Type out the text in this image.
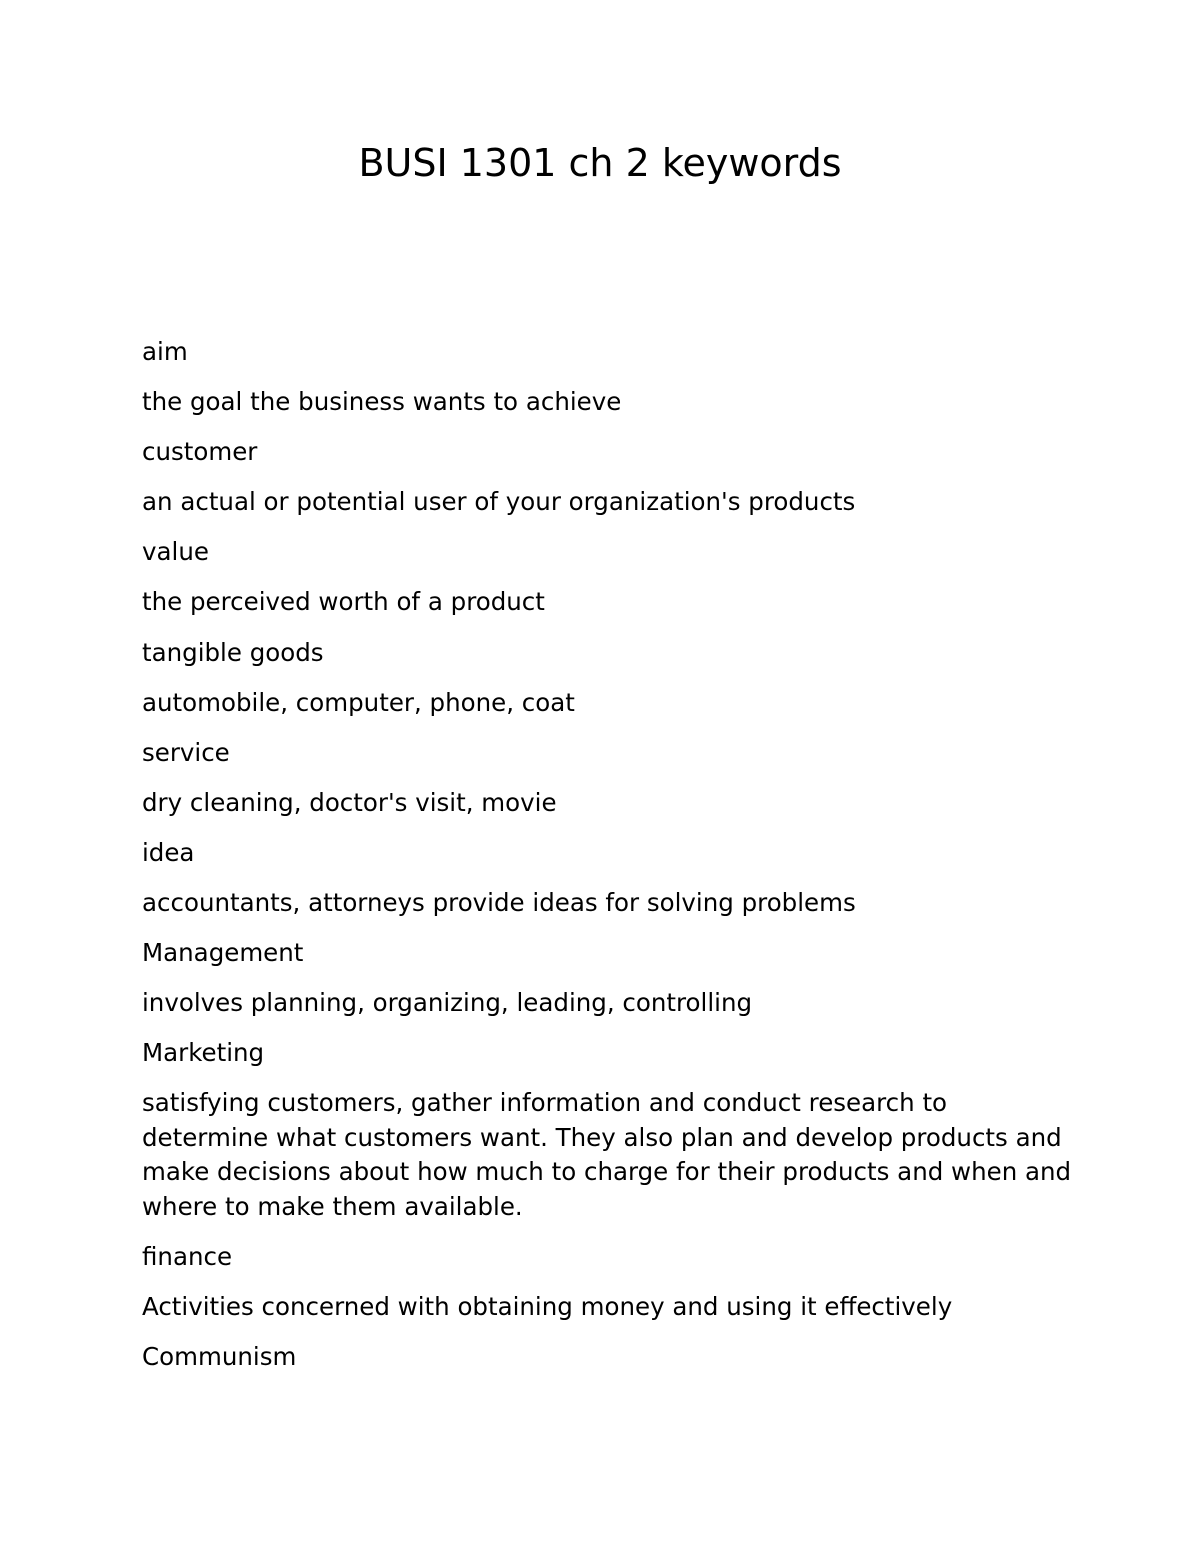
BUSI 1301 ch 2 keywords

aim

the goal the business wants to achieve

customer

an actual or potential user of your organization's products

value

the perceived worth of a product

tangible goods

automobile, computer, phone, coat

service

dry cleaning, doctor's visit, movie

idea

accountants, attorneys provide ideas for solving problems

Management

involves planning, organizing, leading, controlling

Marketing

satisfying customers, gather information and conduct research to determine what customers want. They also plan and develop products and make decisions about how much to charge for their products and when and where to make them available.

finance

Activities concerned with obtaining money and using it effectively

Communism
